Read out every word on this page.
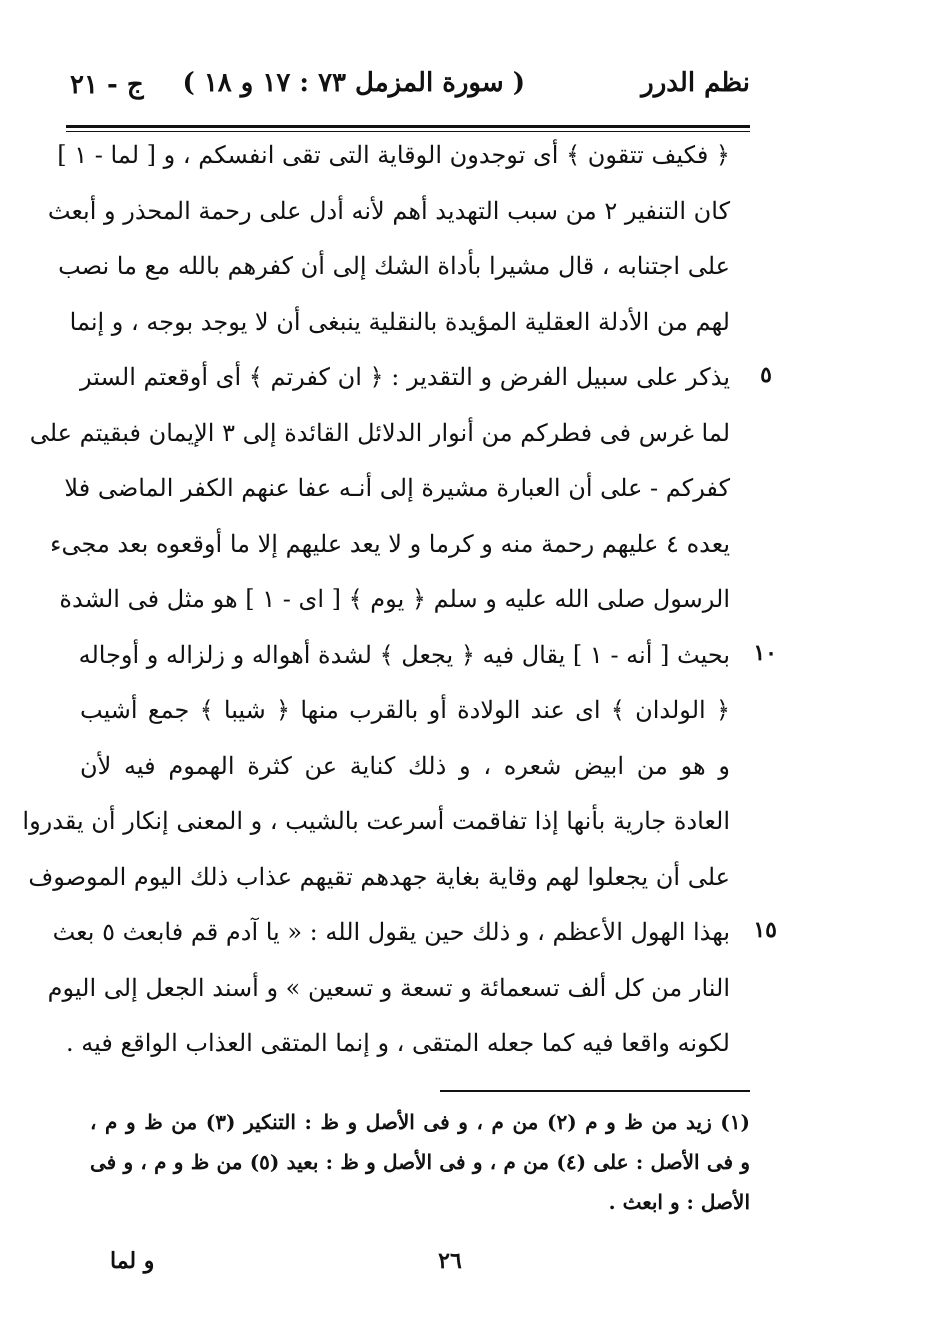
نظم الدرر
( سورة المزمل ٧٣ : ١٧ و ١٨ )
ج - ٢١
﴿ فكيف تتقون ﴾ أى توجدون الوقاية التى تقى انفسكم ، و [ لما - ١ ]
كان التنفير ٢ من سبب التهديد أهم لأنه أدل على رحمة المحذر و أبعث
على اجتنابه ، قال مشيرا بأداة الشك إلى أن كفرهم بالله مع ما نصب
لهم من الأدلة العقلية المؤيدة بالنقلية ينبغى أن لا يوجد بوجه ، و إنما
يذكر على سبيل الفرض و التقدير : ﴿ ان كفرتم ﴾ أى أوقعتم الستر
لما غرس فى فطركم من أنوار الدلائل القائدة إلى ٣ الإيمان فبقيتم على
كفركم - على أن العبارة مشيرة إلى أنـه عفا عنهم الكفر الماضى فلا
يعده ٤ عليهم رحمة منه و كرما و لا يعد عليهم إلا ما أوقعوه بعد مجىء
الرسول صلى الله عليه و سلم ﴿ يوم ﴾ [ اى - ١ ] هو مثل فى الشدة
بحيث [ أنه - ١ ] يقال فيه ﴿ يجعل ﴾ لشدة أهواله و زلزاله و أوجاله
﴿ الولدان ﴾ اى عند الولادة أو بالقرب منها ﴿ شيبا ﴾ جمع أشيب
و هو من ابيض شعره ، و ذلك كناية عن كثرة الهموم فيه لأن
العادة جارية بأنها إذا تفاقمت أسرعت بالشيب ، و المعنى إنكار أن يقدروا
على أن يجعلوا لهم وقاية بغاية جهدهم تقيهم عذاب ذلك اليوم الموصوف
بهذا الهول الأعظم ، و ذلك حين يقول الله : « يا آدم قم فابعث ٥ بعث
النار من كل ألف تسعمائة و تسعة و تسعين » و أسند الجعل إلى اليوم
لكونه واقعا فيه كما جعله المتقى ، و إنما المتقى العذاب الواقع فيه .
٥
١٠
١٥
(١) زيد من ظ و م (٢) من م ، و فى الأصل و ظ : التنكير (٣) من ظ و م ،
و فى الأصل : على (٤) من م ، و فى الأصل و ظ : بعيد (٥) من ظ و م ، و فى
الأصل : و ابعث .
٢٦
و لما
